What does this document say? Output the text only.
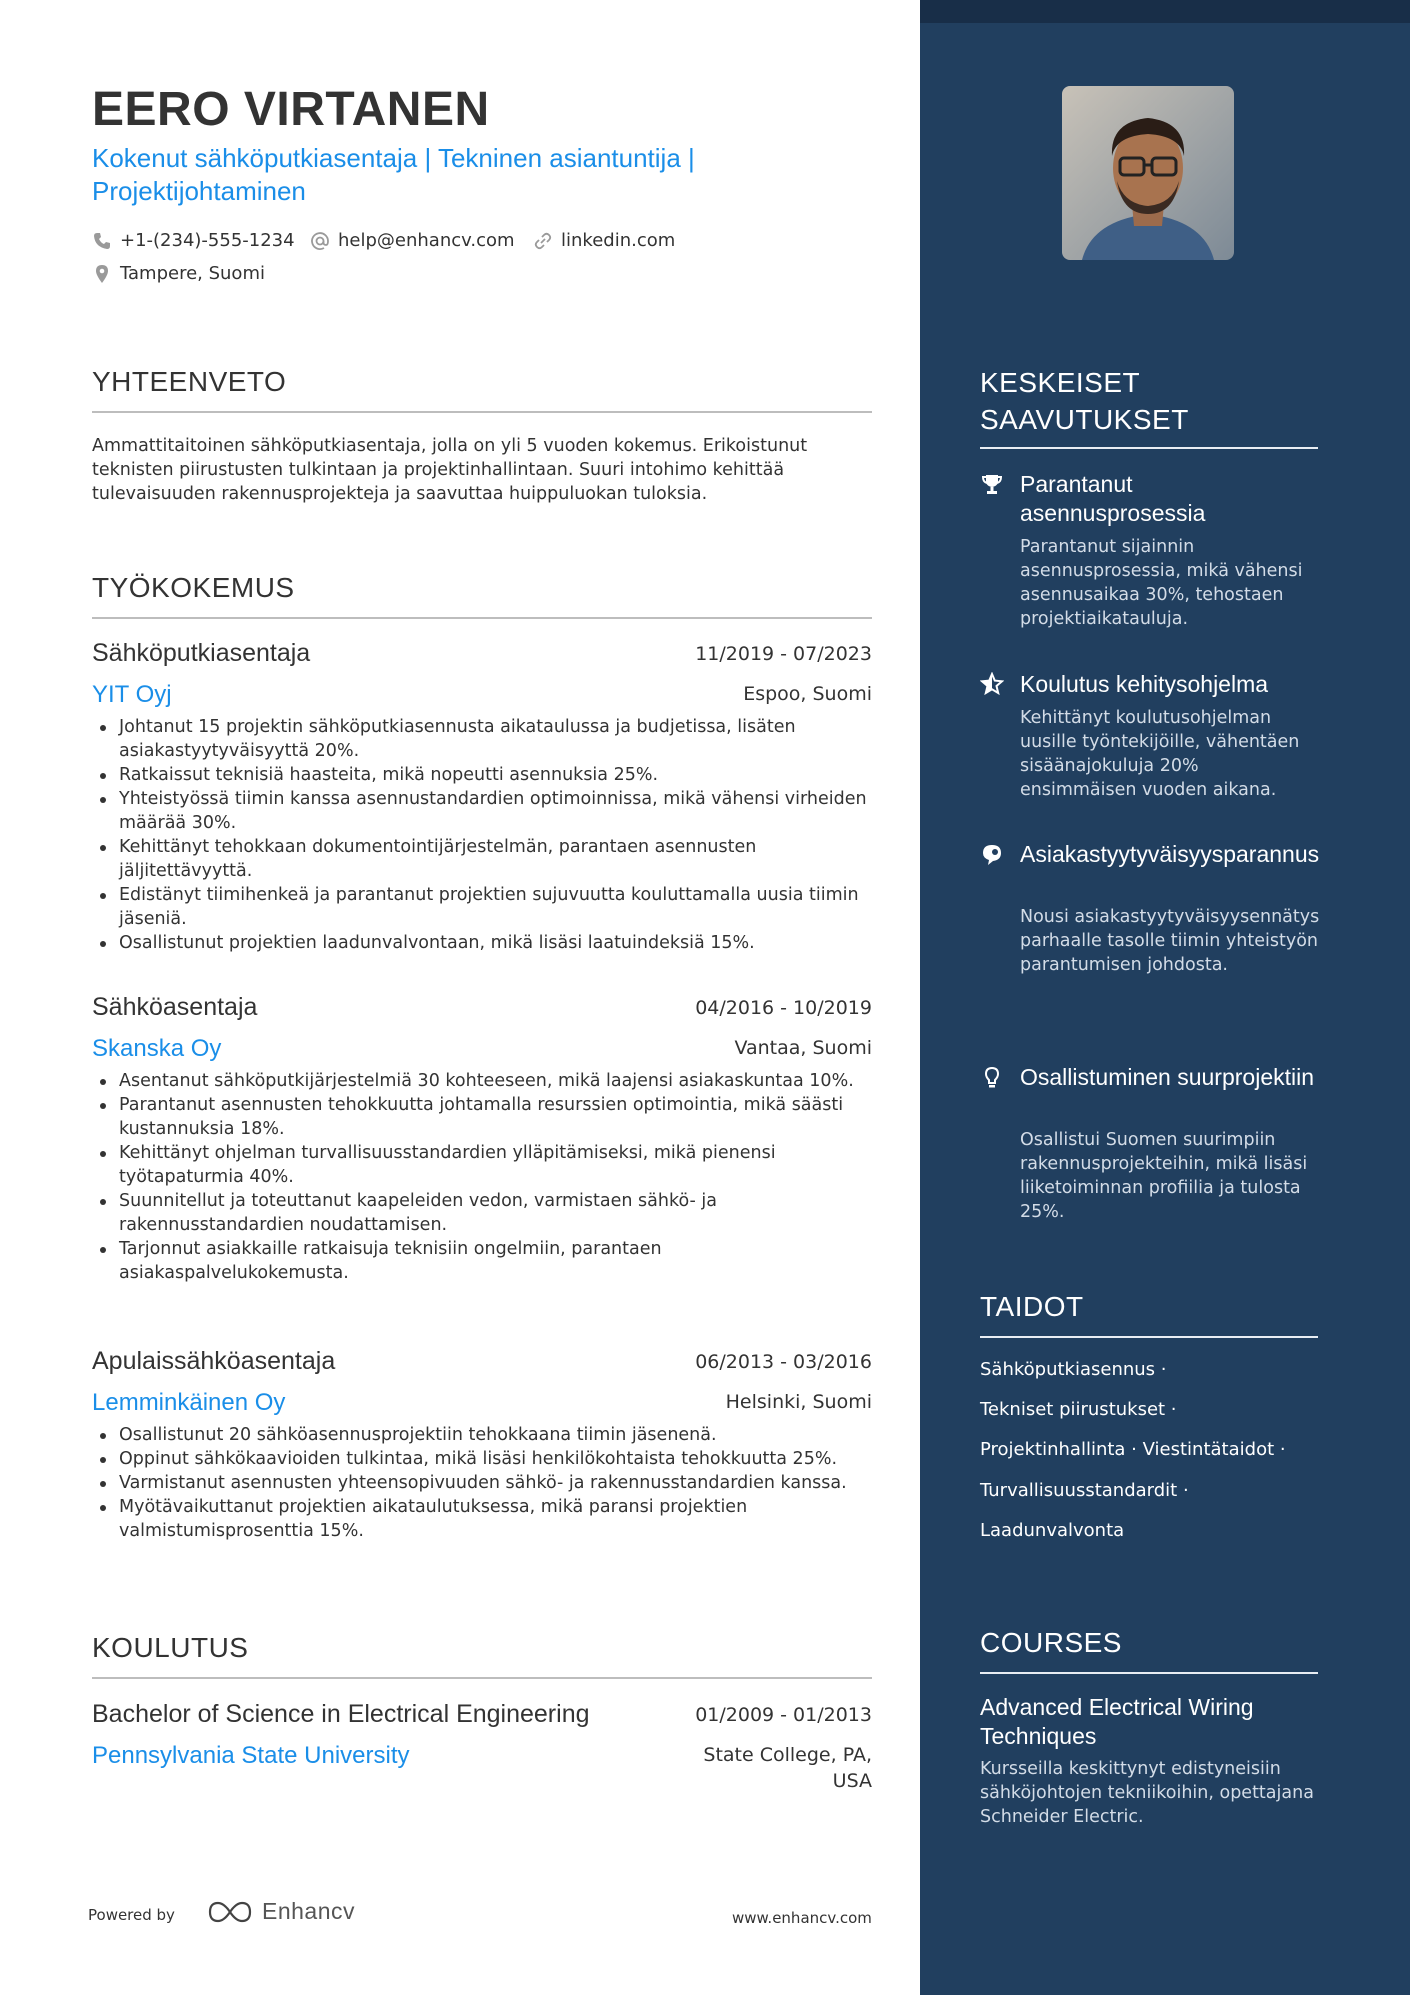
EERO VIRTANEN
Kokenut sähköputkiasentaja | Tekninen asiantuntija |
Projektijohtaminen
+1-(234)-555-1234 help@enhancv.com	linkedin.com
Tampere, Suomi
YHTEENVETO
Ammattitaitoinen sähköputkiasentaja, jolla on yli 5 vuoden kokemus. Erikoistunut teknisten piirustusten tulkintaan ja projektinhallintaan. Suuri intohimo kehittää tulevaisuuden rakennusprojekteja ja saavuttaa huippuluokan tuloksia.
TYÖKOKEMUS
Sähköputkiasentaja	11/2019 - 07/2023
YIT Oyj	Espoo, Suomi
Johtanut 15 projektin sähköputkiasennusta aikataulussa ja budjetissa, lisäten asiakastyytyväisyyttä 20%.
Ratkaissut teknisiä haasteita, mikä nopeutti asennuksia 25%.
Yhteistyössä tiimin kanssa asennustandardien optimoinnissa, mikä vähensi virheiden määrää 30%.
Kehittänyt tehokkaan dokumentointijärjestelmän, parantaen asennusten jäljitettävyyttä.
Edistänyt tiimihenkeä ja parantanut projektien sujuvuutta kouluttamalla uusia tiimin jäseniä.
Osallistunut projektien laadunvalvontaan, mikä lisäsi laatuindeksiä 15%.
Sähköasentaja	04/2016 - 10/2019
Skanska Oy	Vantaa, Suomi
Asentanut sähköputkijärjestelmiä 30 kohteeseen, mikä laajensi asiakaskuntaa 10%.
Parantanut asennusten tehokkuutta johtamalla resurssien optimointia, mikä säästi kustannuksia 18%.
Kehittänyt ohjelman turvallisuusstandardien ylläpitämiseksi, mikä pienensi työtapaturmia 40%.
Suunnitellut ja toteuttanut kaapeleiden vedon, varmistaen sähkö- ja rakennusstandardien noudattamisen.
Tarjonnut asiakkaille ratkaisuja teknisiin ongelmiin, parantaen asiakaspalvelukokemusta.
Apulaissähköasentaja	06/2013 - 03/2016
Lemminkäinen Oy	Helsinki, Suomi
Osallistunut 20 sähköasennusprojektiin tehokkaana tiimin jäsenenä.
Oppinut sähkökaavioiden tulkintaa, mikä lisäsi henkilökohtaista tehokkuutta 25%.
Varmistanut asennusten yhteensopivuuden sähkö- ja rakennusstandardien kanssa.
Myötävaikuttanut projektien aikataulutuksessa, mikä paransi projektien valmistumisprosenttia 15%.
KOULUTUS
Bachelor of Science in Electrical Engineering	01/2009 - 01/2013
Pennsylvania State University	State College, PA,
USA
KESKEISET
SAAVUTUKSET
Parantanut asennusprosessia
Parantanut sijainnin asennusprosessia, mikä vähensi asennusaikaa 30%, tehostaen projektiaikatauluja.
Koulutus kehitysohjelma
Kehittänyt koulutusohjelman uusille työntekijöille, vähentäen sisäänajokuluja 20% ensimmäisen vuoden aikana.
Asiakastyytyväisyysparannus
Nousi asiakastyytyväisyysennätys parhaalle tasolle tiimin yhteistyön parantumisen johdosta.
Osallistuminen suurprojektiin
Osallistui Suomen suurimpiin rakennusprojekteihin, mikä lisäsi liiketoiminnan profiilia ja tulosta 25%.
TAIDOT
Sähköputkiasennus ·
Tekniset piirustukset ·
Projektinhallinta · Viestintätaidot ·
Turvallisuusstandardit ·
Laadunvalvonta
COURSES
Advanced Electrical Wiring Techniques
Kursseilla keskittynyt edistyneisiin sähköjohtojen tekniikoihin, opettajana Schneider Electric.
Powered by	Enhancv	www.enhancv.com
